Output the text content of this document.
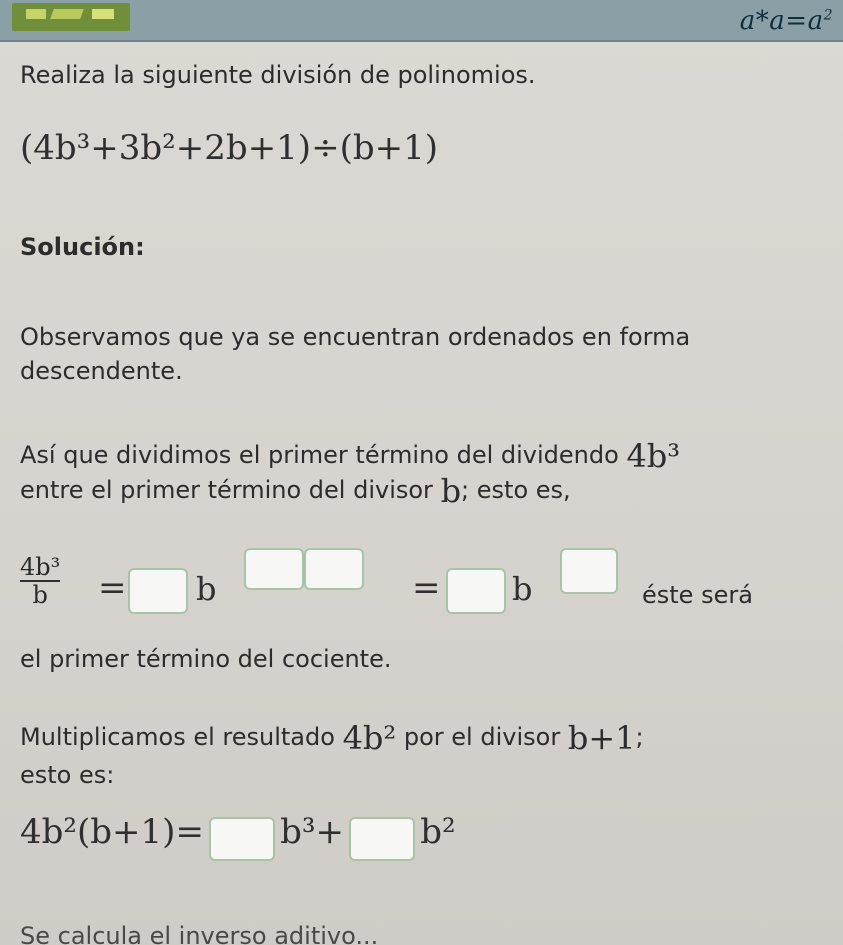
$a*a=a^2$
Realiza la siguiente división de polinomios.
(4b³+3b²+2b+1)÷(b+1)
Solución:
Observamos que ya se encuentran ordenados en forma descendente.
Así que dividimos el primer término del dividendo 4b³
entre el primer término del divisor b; esto es,
$\frac{\text{4b³}}{b} = b$	= b	éste será
el primer término del cociente.
Multiplicamos el resultado 4b² por el divisor b+1;
esto es:
4b²(b+1)= b³+ b²
Se calcula el inverso aditivo...
